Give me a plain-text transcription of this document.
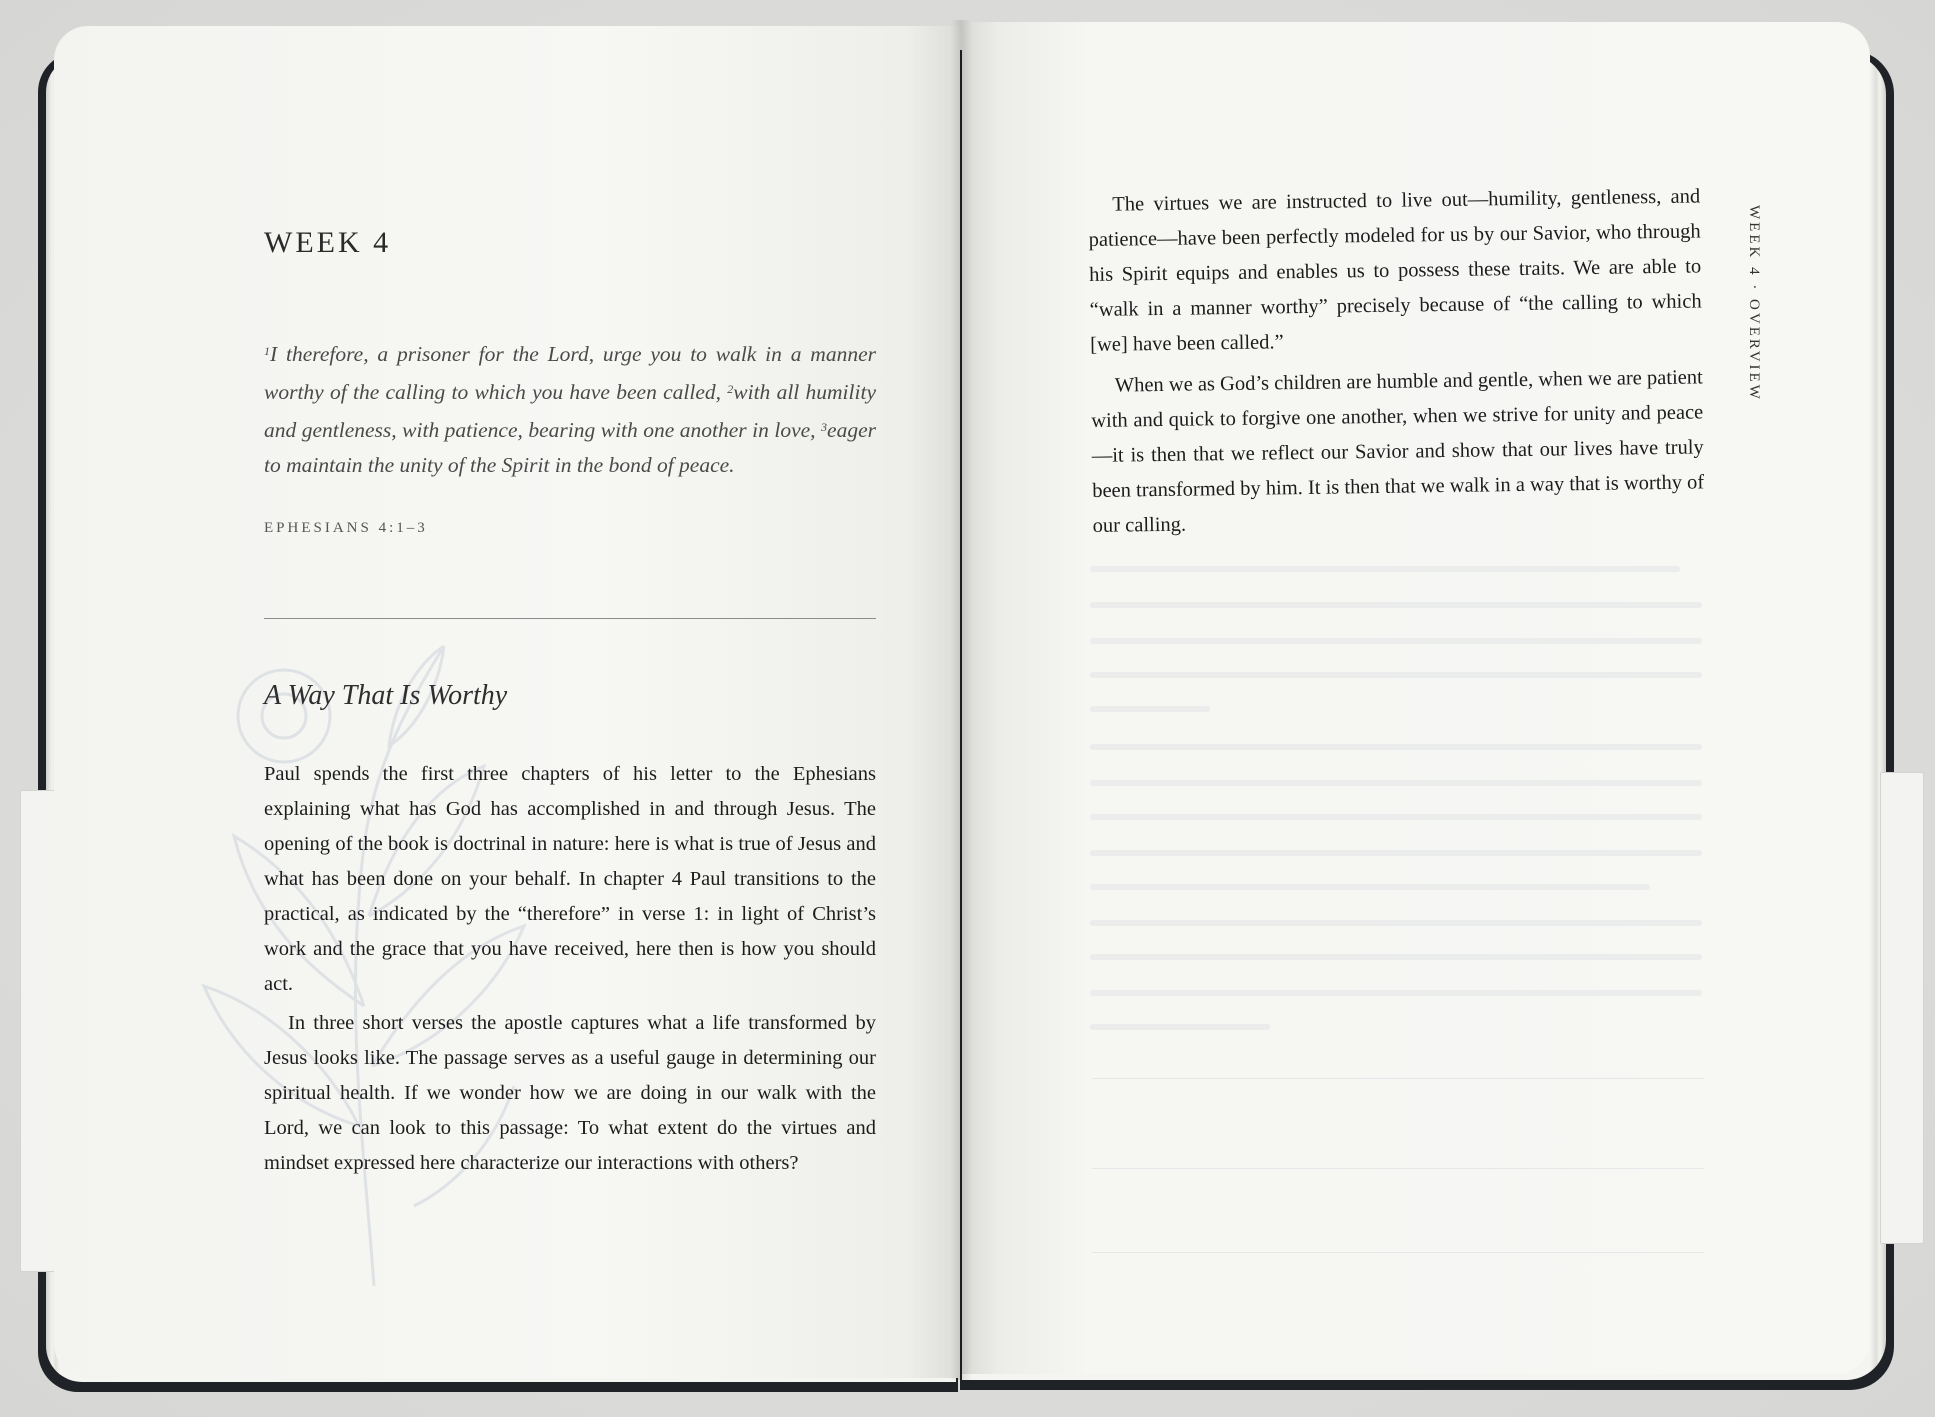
WEEK 4
$^1$I therefore, a prisoner for the Lord, urge you to walk in a manner worthy of the calling to which you have been called, $^2$with all humility and gentleness, with patience, bearing with one another in love, $^3$eager to maintain the unity of the Spirit in the bond of peace.
EPHESIANS 4:1–3
A Way That Is Worthy

Paul spends the first three chapters of his letter to the Ephesians explaining what has God has accomplished in and through Jesus. The opening of the book is doctrinal in nature: here is what is true of Jesus and what has been done on your behalf. In chapter 4 Paul transitions to the practical, as indicated by the “therefore” in verse 1: in light of Christ’s work and the grace that you have received, here then is how you should act.

In three short verses the apostle captures what a life transformed by Jesus looks like. The passage serves as a useful gauge in determining our spiritual health. If we wonder how we are doing in our walk with the Lord, we can look to this passage: To what extent do the virtues and mindset expressed here characterize our interactions with others?

The virtues we are instructed to live out—humility, gentleness, and patience—have been perfectly modeled for us by our Savior, who through his Spirit equips and enables us to possess these traits. We are able to “walk in a manner worthy” precisely because of “the calling to which [we] have been called.”

When we as God’s children are humble and gentle, when we are patient with and quick to forgive one another, when we strive for unity and peace—it is then that we reflect our Savior and show that our lives have truly been transformed by him. It is then that we walk in a way that is worthy of our calling.

WEEK 4 · OVERVIEW
